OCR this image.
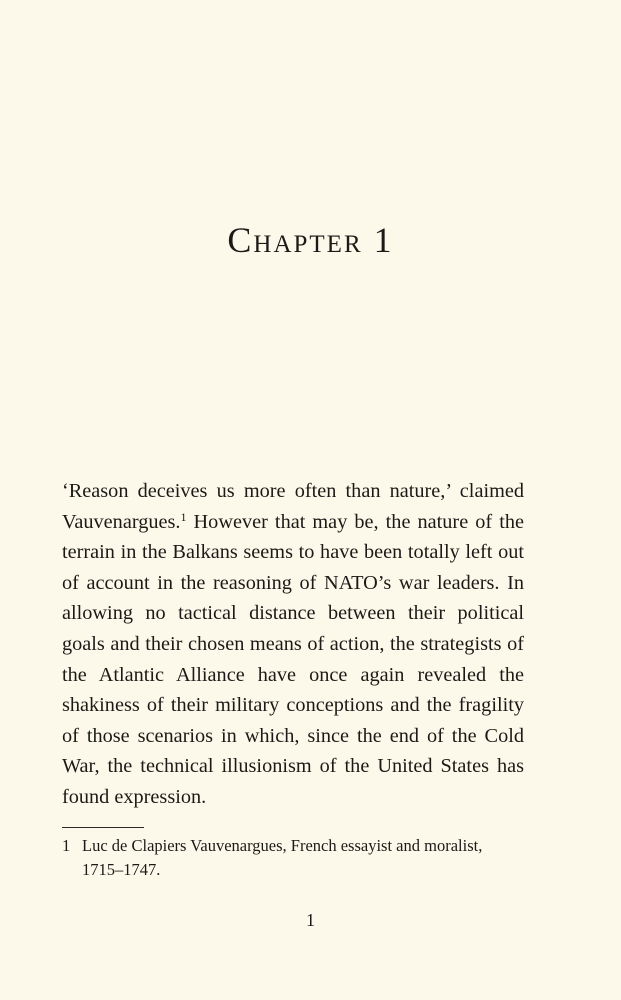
Chapter 1

‘Reason deceives us more often than nature,’ claimed Vauvenargues.$^1$ However that may be, the nature of the terrain in the Balkans seems to have been totally left out of account in the reasoning of NATO’s war leaders. In allowing no tactical distance between their political goals and their chosen means of action, the strategists of the Atlantic Alliance have once again revealed the shakiness of their military conceptions and the fragility of those scenarios in which, since the end of the Cold War, the technical illusionism of the United States has found expression.

1 Luc de Clapiers Vauvenargues, French essayist and moralist,
1715–1747.

1
